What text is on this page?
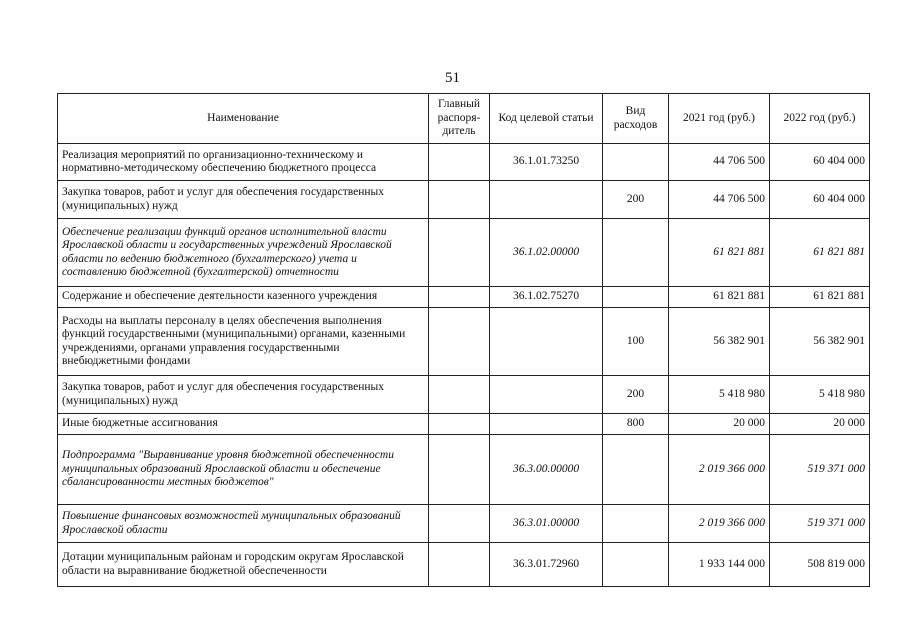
51
Наименование	Главный распоря-дитель	Код целевой статьи	Вид расходов	2021 год (руб.)	2022 год (руб.)
Реализация мероприятий по организационно-техническому и нормативно-методическому обеспечению бюджетного процесса		36.1.01.73250		44 706 500	60 404 000
Закупка товаров, работ и услуг для обеспечения государственных (муниципальных) нужд			200	44 706 500	60 404 000
Обеспечение реализации функций органов исполнительной власти Ярославской области и государственных учреждений Ярославской области по ведению бюджетного (бухгалтерского) учета и составлению бюджетной (бухгалтерской) отчетности		36.1.02.00000		61 821 881	61 821 881
Содержание и обеспечение деятельности казенного учреждения		36.1.02.75270		61 821 881	61 821 881
Расходы на выплаты персоналу в целях обеспечения выполнения функций государственными (муниципальными) органами, казенными учреждениями, органами управления государственными внебюджетными фондами			100	56 382 901	56 382 901
Закупка товаров, работ и услуг для обеспечения государственных (муниципальных) нужд			200	5 418 980	5 418 980
Иные бюджетные ассигнования			800	20 000	20 000
Подпрограмма "Выравнивание уровня бюджетной обеспеченности муниципальных образований Ярославской области и обеспечение сбалансированности местных бюджетов"		36.3.00.00000		2 019 366 000	519 371 000
Повышение финансовых возможностей муниципальных образований Ярославской области		36.3.01.00000		2 019 366 000	519 371 000
Дотации муниципальным районам и городским округам Ярославской области на выравнивание бюджетной обеспеченности		36.3.01.72960		1 933 144 000	508 819 000
